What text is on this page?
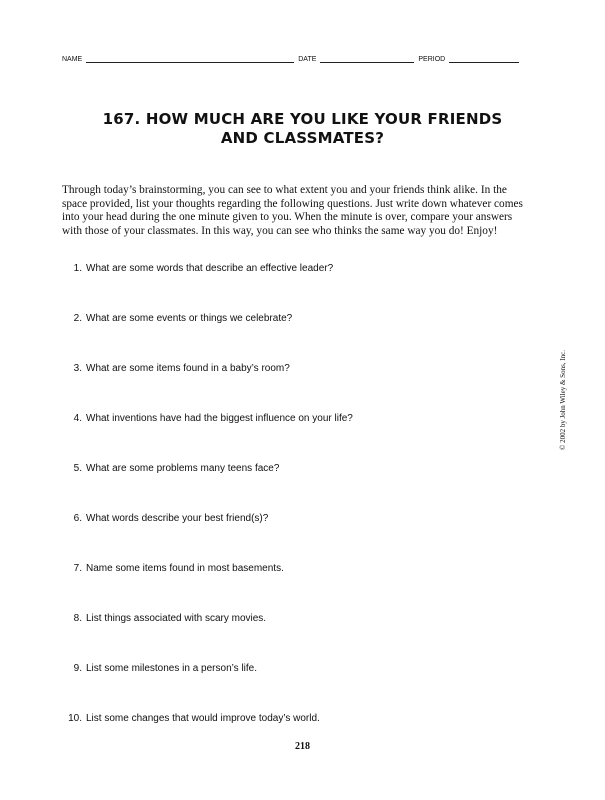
NAME	DATE	PERIOD
167. HOW MUCH ARE YOU LIKE YOUR FRIENDS
AND CLASSMATES?
Through today’s brainstorming, you can see to what extent you and your friends think alike. In the space provided, list your thoughts regarding the following questions. Just write down whatever comes into your head during the one minute given to you. When the minute is over, compare your answers with those of your classmates. In this way, you can see who thinks the same way you do! Enjoy!
1. What are some words that describe an effective leader?
2. What are some events or things we celebrate?
3. What are some items found in a baby’s room?
4. What inventions have had the biggest influence on your life?
5. What are some problems many teens face?
6. What words describe your best friend(s)?
7. Name some items found in most basements.
8. List things associated with scary movies.
9. List some milestones in a person’s life.
10. List some changes that would improve today’s world.
© 2002 by John Wiley & Sons, Inc.
218
